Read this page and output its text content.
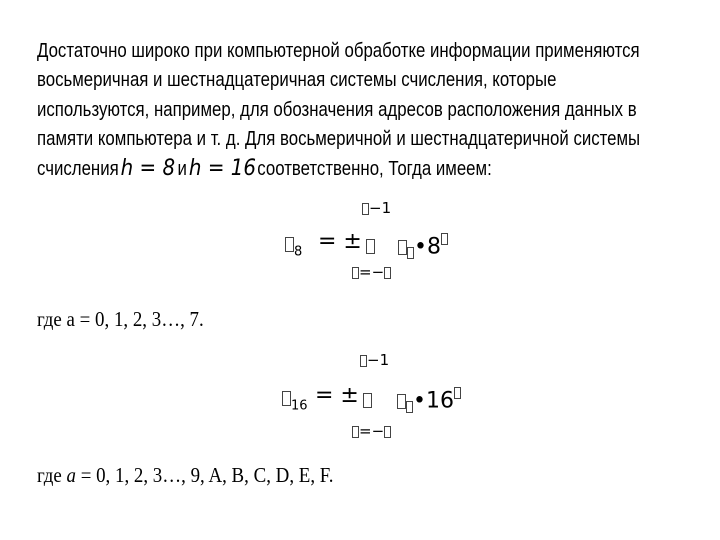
Достаточно широко при компьютерной обработке информации применяются
восьмеричная и шестнадцатеричная системы счисления, которые
используются, например, для обозначения адресов расположения данных в
памяти компьютера и т. д. Для восьмеричной и шестнадцатеричной системы
счисления h = 8 и h = 16 соответственно, Тогда имеем:
−1
$_8$ = ±	•8
=−
где а = 0, 1, 2, 3…, 7.
−1
$_{16}$ = ±	•16
=−
где a = 0, 1, 2, 3…, 9, A, B, C, D, E, F.
